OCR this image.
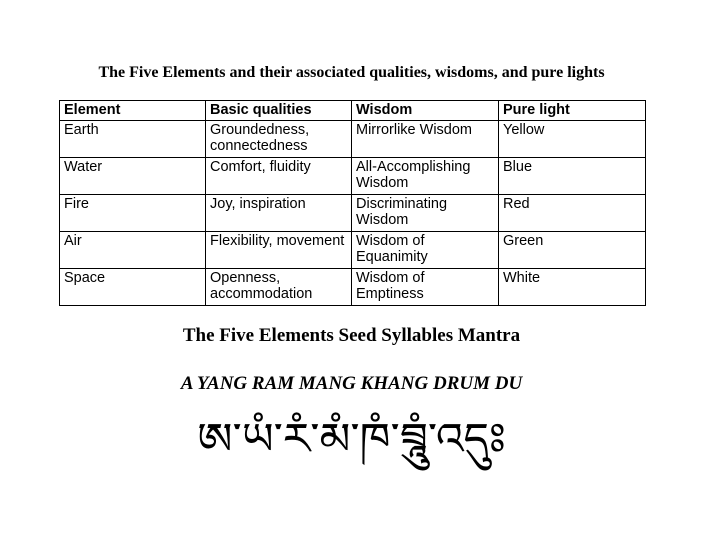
The Five Elements and their associated qualities, wisdoms, and pure lights
Element	Basic qualities	Wisdom	Pure light
Earth	Groundedness, connectedness	Mirrorlike Wisdom	Yellow
Water	Comfort, fluidity	All-Accomplishing Wisdom	Blue
Fire	Joy, inspiration	Discriminating Wisdom	Red
Air	Flexibility, movement	Wisdom of Equanimity	Green
Space	Openness, accommodation	Wisdom of Emptiness	White
The Five Elements Seed Syllables Mantra
A YANG RAM MANG KHANG DRUM DU
ཨ་ཡཾ་རཾ་མཾ་ཁཾ་བྲཱུཾ་འདུཿ
